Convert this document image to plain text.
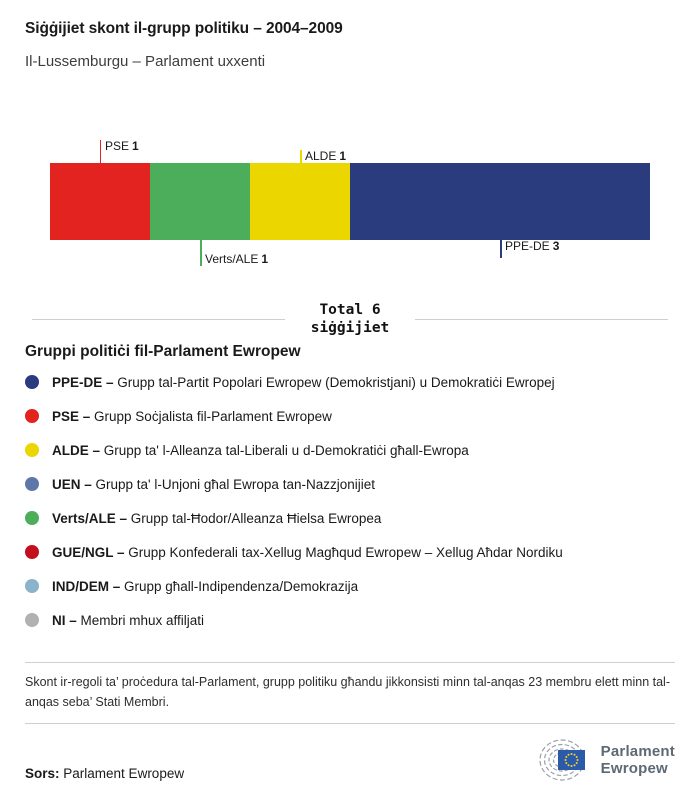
Siġġijiet skont il-grupp politiku – 2004–2009
Il-Lussemburgu – Parlament uxxenti
PSE 1
Verts/ALE 1
ALDE 1
PPE-DE 3
Total 6
siġġijiet
Gruppi politiċi fil-Parlament Ewropew
PPE-DE – Grupp tal-Partit Popolari Ewropew (Demokristjani) u Demokratiċi Ewropej
PSE – Grupp Soċjalista fil-Parlament Ewropew
ALDE – Grupp ta' l-Alleanza tal-Liberali u d-Demokratiċi għall-Ewropa
UEN – Grupp ta' l-Unjoni għal Ewropa tan-Nazzjonijiet
Verts/ALE – Grupp tal-Ħodor/Alleanza Ħielsa Ewropea
GUE/NGL – Grupp Konfederali tax-Xellug Magħqud Ewropew – Xellug Aħdar Nordiku
IND/DEM – Grupp għall-Indipendenza/Demokrazija
NI – Membri mhux affiljati
Skont ir-regoli ta’ proċedura tal-Parlament, grupp politiku għandu jikkonsisti minn tal-anqas 23 membru elett minn tal-anqas seba’ Stati Membri.
Sors: Parlament Ewropew
Parlament
Ewropew
